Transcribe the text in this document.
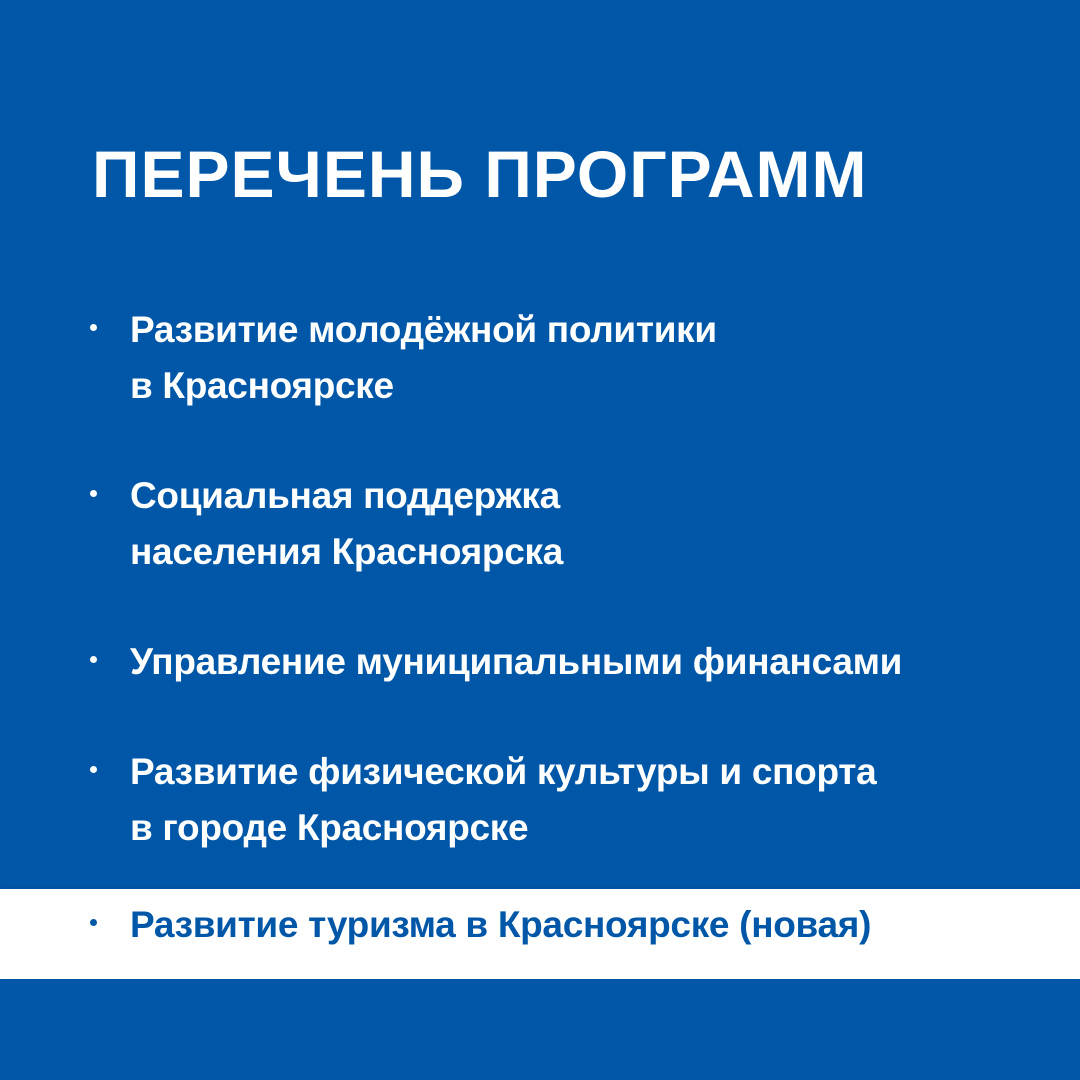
ПЕРЕЧЕНЬ ПРОГРАММ

Развитие молодёжной политики
в Красноярске

Социальная поддержка
населения Красноярска

Управление муниципальными финансами

Развитие физической культуры и спорта
в городе Красноярске

Развитие туризма в Красноярске (новая)
